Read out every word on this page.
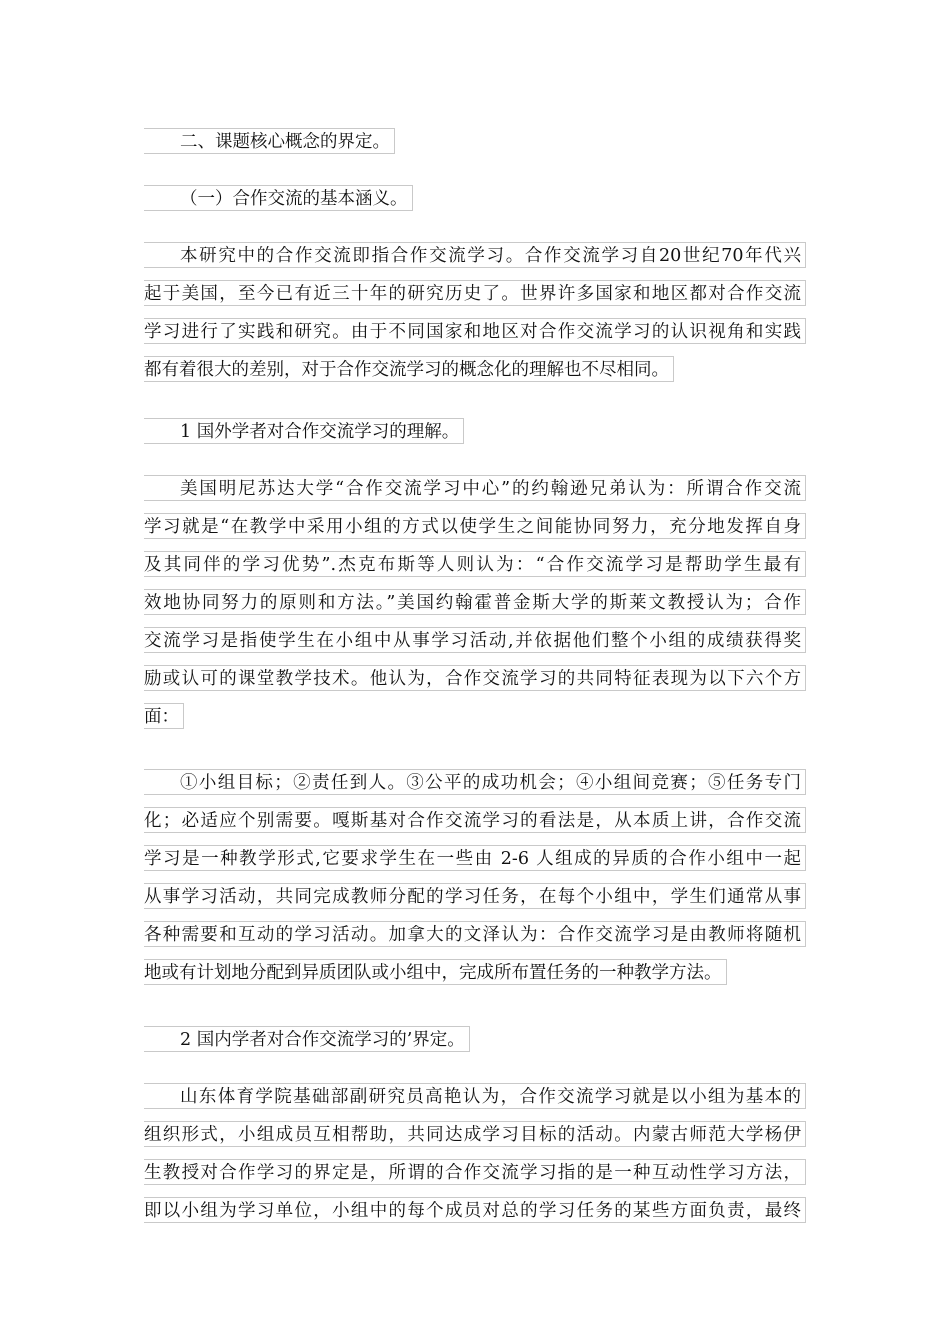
二、课题核心概念的界定。
（一）合作交流的基本涵义。
本研究中的合作交流即指合作交流学习。合作交流学习自20世纪70年代兴
起于美国，至今已有近三十年的研究历史了。世界许多国家和地区都对合作交流
学习进行了实践和研究。由于不同国家和地区对合作交流学习的认识视角和实践
都有着很大的差别，对于合作交流学习的概念化的理解也不尽相同。
1 国外学者对合作交流学习的理解。
美国明尼苏达大学“合作交流学习中心”的约翰逊兄弟认为：所谓合作交流
学习就是“在教学中采用小组的方式以使学生之间能协同努力，充分地发挥自身
及其同伴的学习优势”.杰克布斯等人则认为：“合作交流学习是帮助学生最有
效地协同努力的原则和方法。”美国约翰霍普金斯大学的斯莱文教授认为；合作
交流学习是指使学生在小组中从事学习活动,并依据他们整个小组的成绩获得奖
励或认可的课堂教学技术。他认为，合作交流学习的共同特征表现为以下六个方
面：
①小组目标；②责任到人。③公平的成功机会；④小组间竞赛；⑤任务专门
化；必适应个别需要。嘎斯基对合作交流学习的看法是，从本质上讲，合作交流
学习是一种教学形式,它要求学生在一些由 2-6 人组成的异质的合作小组中一起
从事学习活动，共同完成教师分配的学习任务，在每个小组中，学生们通常从事
各种需要和互动的学习活动。加拿大的文泽认为：合作交流学习是由教师将随机
地或有计划地分配到异质团队或小组中，完成所布置任务的一种教学方法。
2 国内学者对合作交流学习的’界定。
山东体育学院基础部副研究员高艳认为，合作交流学习就是以小组为基本的
组织形式，小组成员互相帮助，共同达成学习目标的活动。内蒙古师范大学杨伊
生教授对合作学习的界定是，所谓的合作交流学习指的是一种互动性学习方法，
即以小组为学习单位，小组中的每个成员对总的学习任务的某些方面负责，最终
